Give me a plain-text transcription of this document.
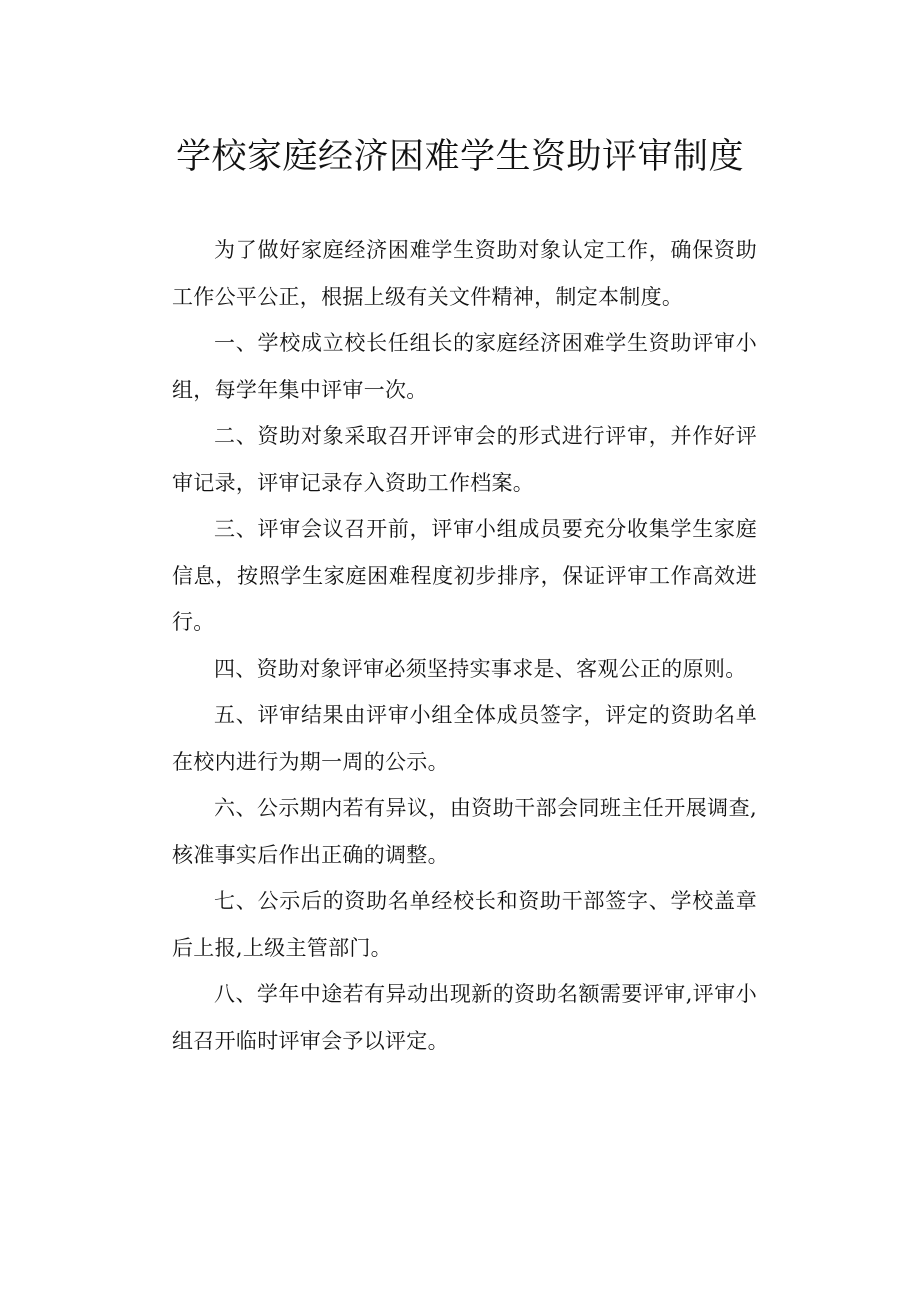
学校家庭经济困难学生资助评审制度

为了做好家庭经济困难学生资助对象认定工作，确保资助工作公平公正，根据上级有关文件精神，制定本制度。

一、学校成立校长任组长的家庭经济困难学生资助评审小组，每学年集中评审一次。

二、资助对象采取召开评审会的形式进行评审，并作好评审记录，评审记录存入资助工作档案。

三、评审会议召开前，评审小组成员要充分收集学生家庭信息，按照学生家庭困难程度初步排序，保证评审工作高效进行。

四、资助对象评审必须坚持实事求是、客观公正的原则。

五、评审结果由评审小组全体成员签字，评定的资助名单在校内进行为期一周的公示。

六、公示期内若有异议，由资助干部会同班主任开展调查,核准事实后作出正确的调整。

七、公示后的资助名单经校长和资助干部签字、学校盖章后上报,上级主管部门。

八、学年中途若有异动出现新的资助名额需要评审,评审小组召开临时评审会予以评定。
